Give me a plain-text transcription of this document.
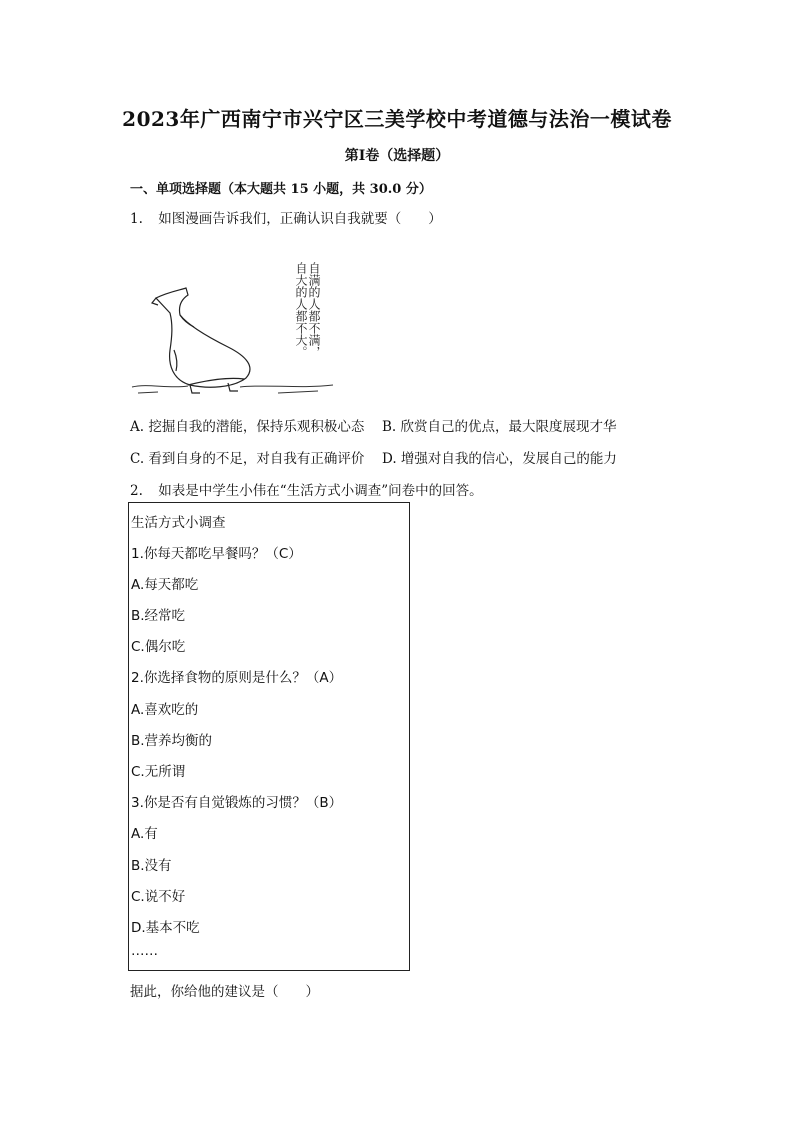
2023年广西南宁市兴宁区三美学校中考道德与法治一模试卷
第I卷（选择题）
一、单项选择题（本大题共 15 小题，共 30.0 分）
1. 如图漫画告诉我们，正确认识自我就要（　　）
自满的人都不满，自大的人都不大。
A. 挖掘自我的潜能，保持乐观积极心态 B. 欣赏自己的优点，最大限度展现才华
C. 看到自身的不足，对自我有正确评价 D. 增强对自我的信心，发展自己的能力
2. 如表是中学生小伟在“生活方式小调查”问卷中的回答。
生活方式小调查
1.你每天都吃早餐吗？（C）
A.每天都吃
B.经常吃
C.偶尔吃
2.你选择食物的原则是什么？（A）
A.喜欢吃的
B.营养均衡的
C.无所谓
3.你是否有自觉锻炼的习惯？（B）
A.有
B.没有
C.说不好
D.基本不吃
……
据此，你给他的建议是（　　）
